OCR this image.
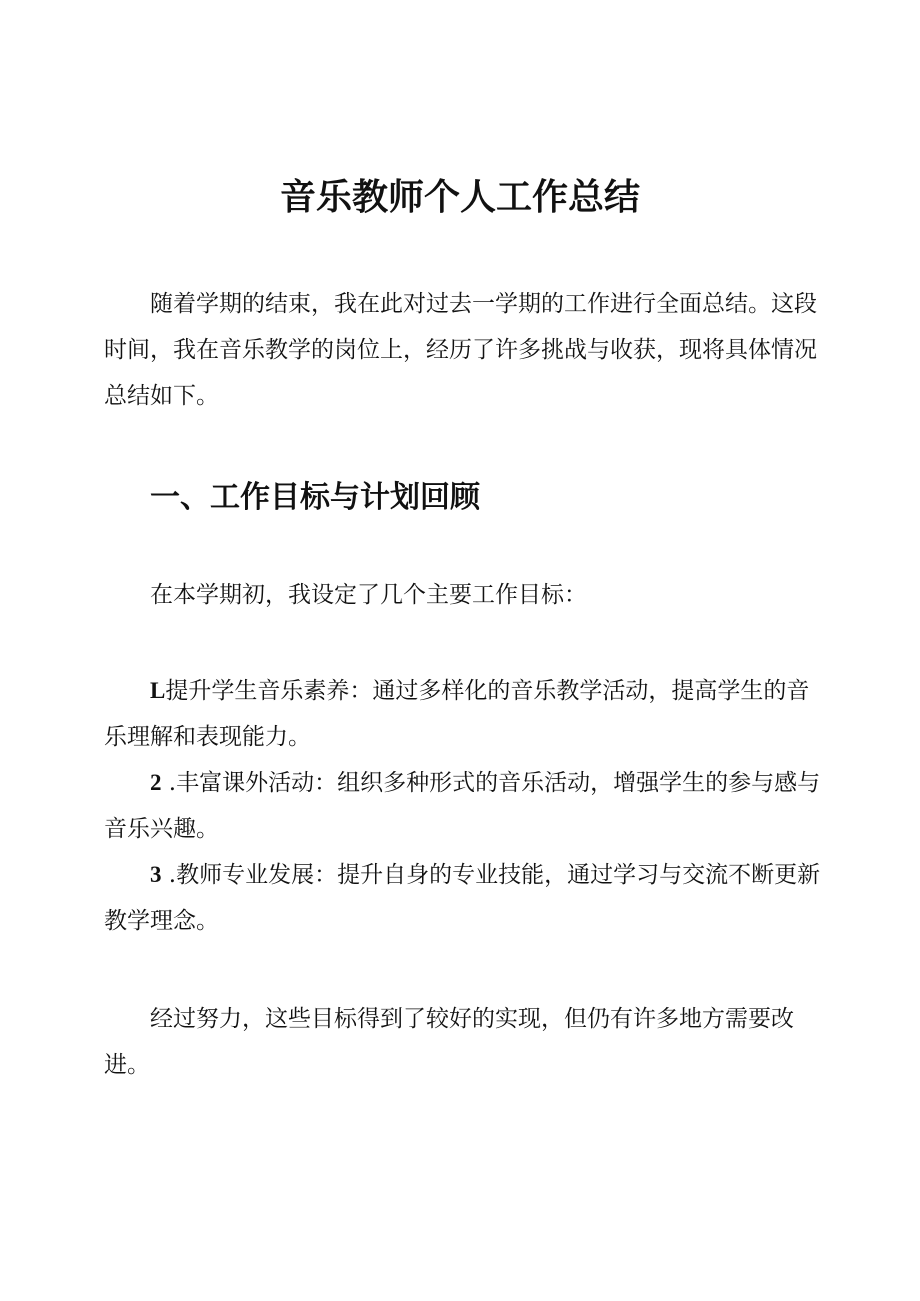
音乐教师个人工作总结

随着学期的结束，我在此对过去一学期的工作进行全面总结。这段时间，我在音乐教学的岗位上，经历了许多挑战与收获，现将具体情况总结如下。

一、工作目标与计划回顾

在本学期初，我设定了几个主要工作目标：

L提升学生音乐素养：通过多样化的音乐教学活动，提高学生的音乐理解和表现能力。

2 .丰富课外活动：组织多种形式的音乐活动，增强学生的参与感与音乐兴趣。

3 .教师专业发展：提升自身的专业技能，通过学习与交流不断更新教学理念。

经过努力，这些目标得到了较好的实现，但仍有许多地方需要改进。
